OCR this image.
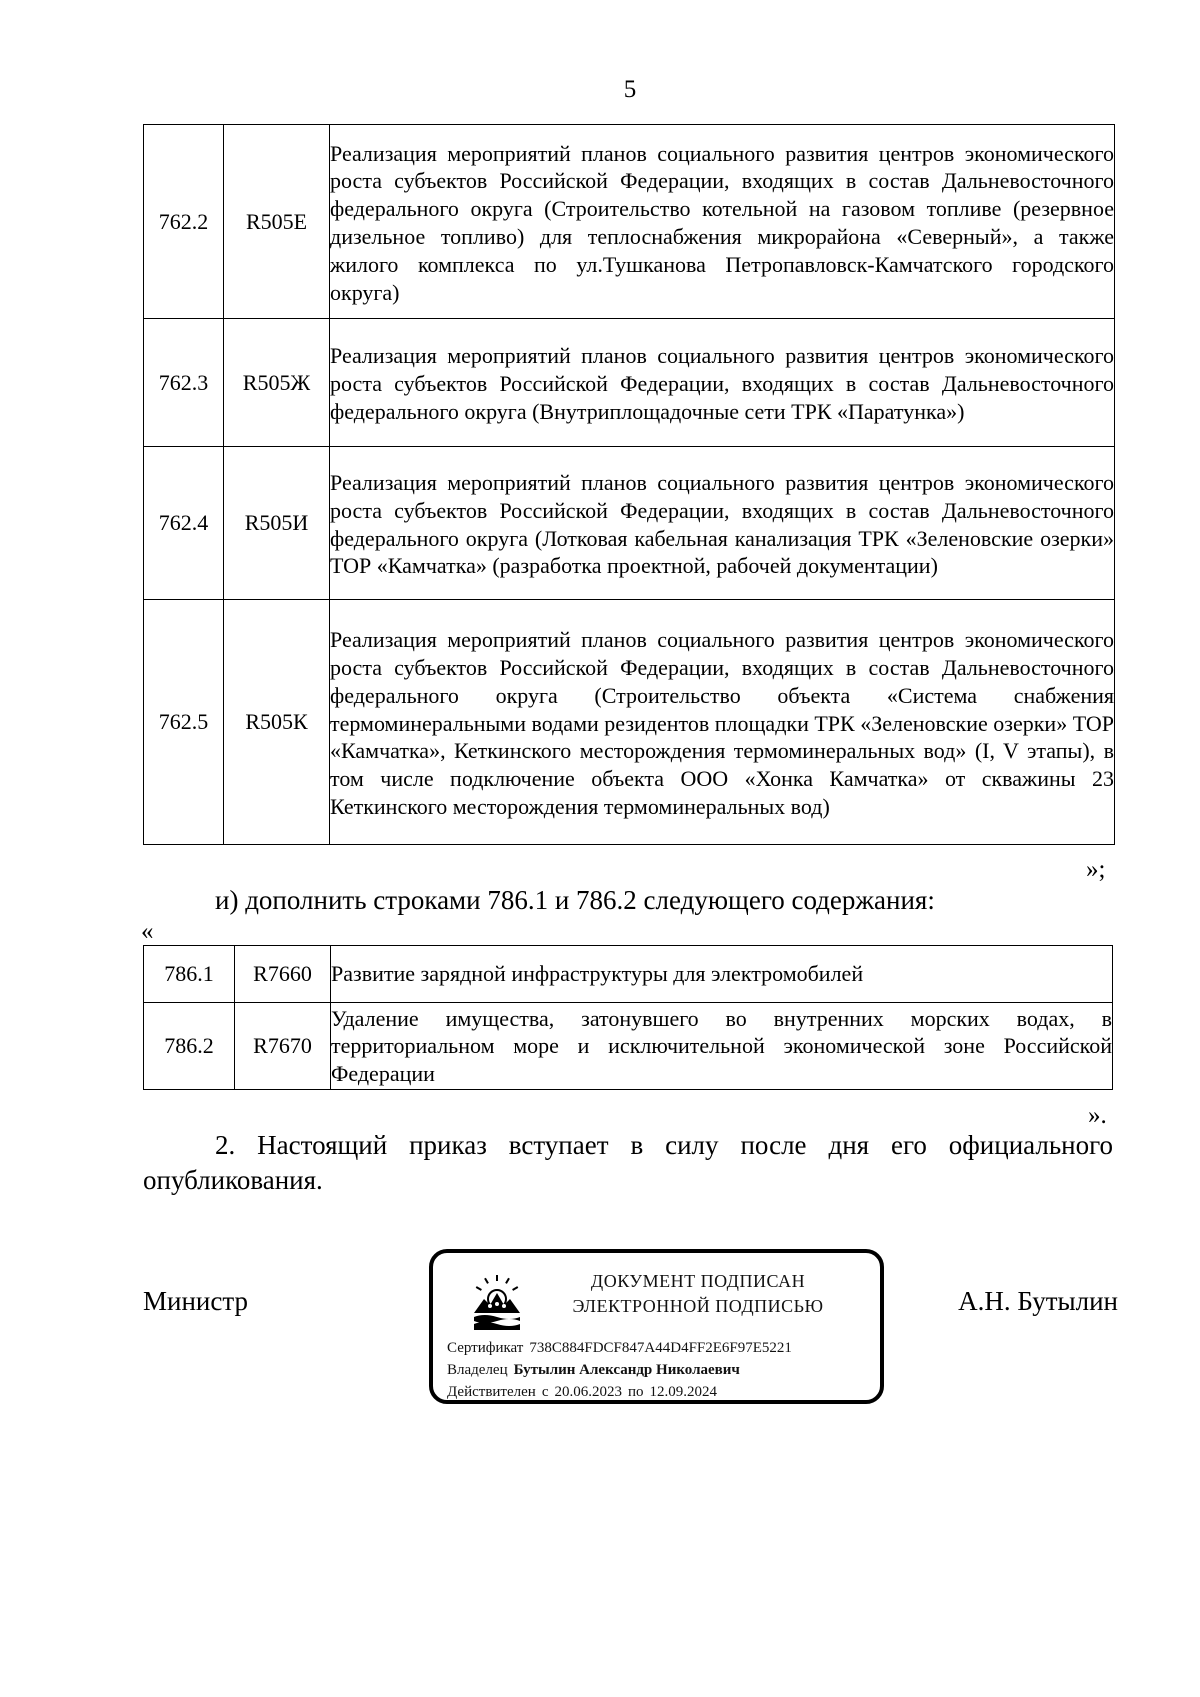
5
762.2	R505Е	Реализация мероприятий планов социального развития центров экономического роста субъектов Российской Федерации, входящих в состав Дальневосточного федерального округа (Строительство котельной на газовом топливе (резервное дизельное топливо) для теплоснабжения микрорайона «Северный», а также жилого комплекса по ул.Тушканова Петропавловск-Камчатского городского округа)

762.3	R505Ж	Реализация мероприятий планов социального развития центров экономического роста субъектов Российской Федерации, входящих в состав Дальневосточного федерального округа (Внутриплощадочные сети ТРК «Паратунка»)

762.4	R505И	Реализация мероприятий планов социального развития центров экономического роста субъектов Российской Федерации, входящих в состав Дальневосточного федерального округа (Лотковая кабельная канализация ТРК «Зеленовские озерки» ТОР «Камчатка» (разработка проектной, рабочей документации)

762.5	R505К	Реализация мероприятий планов социального развития центров экономического роста субъектов Российской Федерации, входящих в состав Дальневосточного федерального округа (Строительство объекта «Система снабжения термоминеральными водами резидентов площадки ТРК «Зеленовские озерки» ТОР «Камчатка», Кеткинского месторождения термоминеральных вод» (I, V этапы), в том числе подключение объекта ООО «Хонка Камчатка» от скважины 23 Кеткинского месторождения термоминеральных вод)
»;
и) дополнить строками 786.1 и 786.2 следующего содержания:
«
786.1	R7660	Развитие зарядной инфраструктуры для электромобилей

786.2	R7670	Удаление имущества, затонувшего во внутренних морских водах, в территориальном море и исключительной экономической зоне Российской Федерации
».
2. Настоящий приказ вступает в силу после дня его официального опубликования.
Министр	А.Н. Бутылин
ДОКУМЕНТ ПОДПИСАН
ЭЛЕКТРОННОЙ ПОДПИСЬЮ
Сертификат 738C884FDCF847A44D4FF2E6F97E5221
Владелец Бутылин Александр Николаевич
Действителен с 20.06.2023 по 12.09.2024
